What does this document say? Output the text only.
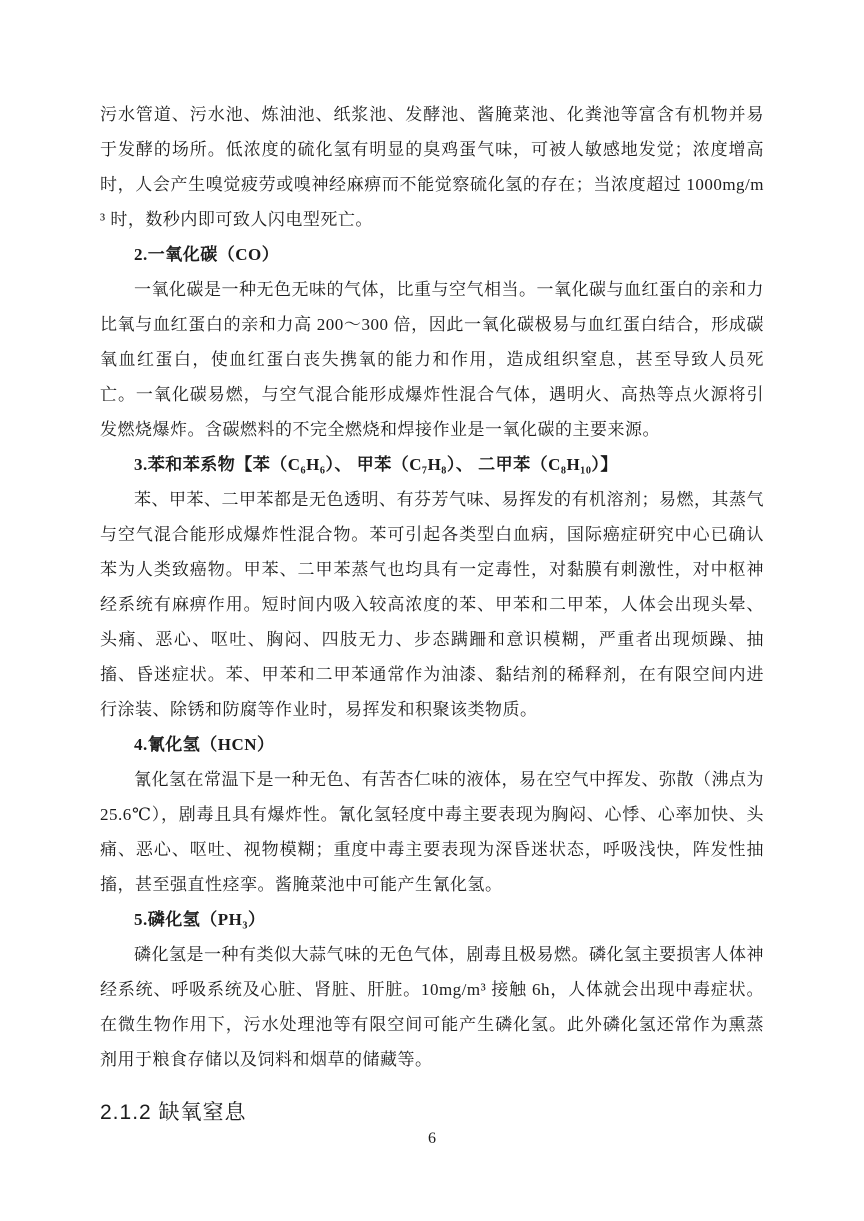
污水管道、污水池、炼油池、纸浆池、发酵池、酱腌菜池、化粪池等富含有机物并易于发酵的场所。低浓度的硫化氢有明显的臭鸡蛋气味，可被人敏感地发觉；浓度增高时，人会产生嗅觉疲劳或嗅神经麻痹而不能觉察硫化氢的存在；当浓度超过 1000mg/m³ 时，数秒内即可致人闪电型死亡。

2.一氧化碳（CO）

一氧化碳是一种无色无味的气体，比重与空气相当。一氧化碳与血红蛋白的亲和力比氧与血红蛋白的亲和力高 200～300 倍，因此一氧化碳极易与血红蛋白结合，形成碳氧血红蛋白，使血红蛋白丧失携氧的能力和作用，造成组织窒息，甚至导致人员死亡。一氧化碳易燃，与空气混合能形成爆炸性混合气体，遇明火、高热等点火源将引发燃烧爆炸。含碳燃料的不完全燃烧和焊接作业是一氧化碳的主要来源。

3.苯和苯系物【苯（C₆H₆）、 甲苯（C₇H₈）、 二甲苯（C₈H₁₀）】

苯、甲苯、二甲苯都是无色透明、有芬芳气味、易挥发的有机溶剂；易燃，其蒸气与空气混合能形成爆炸性混合物。苯可引起各类型白血病，国际癌症研究中心已确认苯为人类致癌物。甲苯、二甲苯蒸气也均具有一定毒性，对黏膜有刺激性，对中枢神经系统有麻痹作用。短时间内吸入较高浓度的苯、甲苯和二甲苯，人体会出现头晕、头痛、恶心、呕吐、胸闷、四肢无力、步态蹒跚和意识模糊，严重者出现烦躁、抽搐、昏迷症状。苯、甲苯和二甲苯通常作为油漆、黏结剂的稀释剂，在有限空间内进行涂装、除锈和防腐等作业时，易挥发和积聚该类物质。

4.氰化氢（HCN）

氰化氢在常温下是一种无色、有苦杏仁味的液体，易在空气中挥发、弥散（沸点为25.6℃），剧毒且具有爆炸性。氰化氢轻度中毒主要表现为胸闷、心悸、心率加快、头痛、恶心、呕吐、视物模糊；重度中毒主要表现为深昏迷状态，呼吸浅快，阵发性抽搐，甚至强直性痉挛。酱腌菜池中可能产生氰化氢。

5.磷化氢（PH₃）

磷化氢是一种有类似大蒜气味的无色气体，剧毒且极易燃。磷化氢主要损害人体神经系统、呼吸系统及心脏、肾脏、肝脏。10mg/m³ 接触 6h，人体就会出现中毒症状。在微生物作用下，污水处理池等有限空间可能产生磷化氢。此外磷化氢还常作为熏蒸剂用于粮食存储以及饲料和烟草的储藏等。

2.1.2 缺氧窒息

6
